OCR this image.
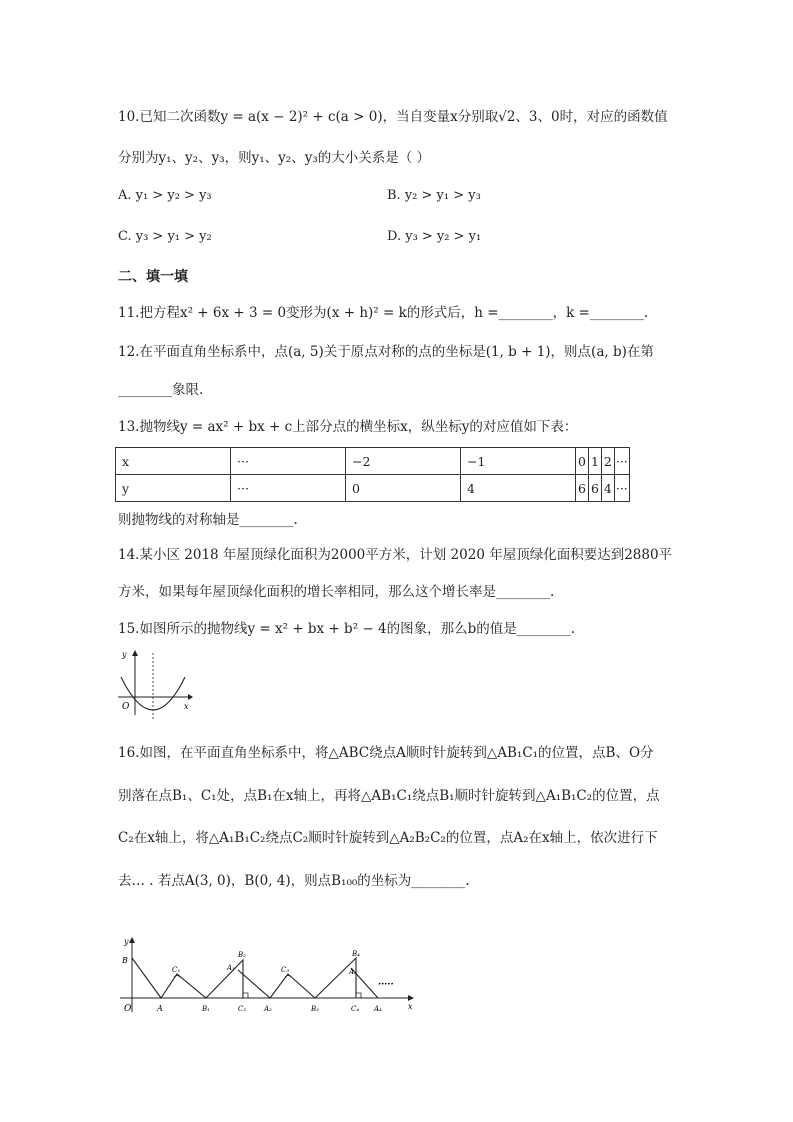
10.已知二次函数y = a(x − 2)² + c(a > 0)，当自变量x分别取√2、3、0时，对应的函数值
分别为y₁、y₂、y₃，则y₁、y₂、y₃的大小关系是（ ）
A. y₁ > y₂ > y₃	B. y₂ > y₁ > y₃
C. y₃ > y₁ > y₂	D. y₃ > y₂ > y₁
二、填一填
11.把方程x² + 6x + 3 = 0变形为(x + h)² = k的形式后，h =________，k =________.
12.在平面直角坐标系中，点(a, 5)关于原点对称的点的坐标是(1, b + 1)，则点(a, b)在第
________象限.
13.抛物线y = ax² + bx + c上部分点的横坐标x，纵坐标y的对应值如下表：
x	···	−2	−1	0	1	2	···
y	···	0	4	6	6	4	···
则抛物线的对称轴是________.
14.某小区 2018 年屋顶绿化面积为2000平方米，计划 2020 年屋顶绿化面积要达到2880平
方米，如果每年屋顶绿化面积的增长率相同，那么这个增长率是________.
15.如图所示的抛物线y = x² + bx + b² − 4的图象，那么b的值是________.
y
x
O
16.如图，在平面直角坐标系中，将△ABC绕点A顺时针旋转到△AB₁C₁的位置，点B、O分
别落在点B₁、C₁处，点B₁在x轴上，再将△AB₁C₁绕点B₁顺时针旋转到△A₁B₁C₂的位置，点
C₂在x轴上，将△A₁B₁C₂绕点C₂顺时针旋转到△A₂B₂C₂的位置，点A₂在x轴上，依次进行下
去… . 若点A(3, 0)，B(0, 4)，则点B₁₀₀的坐标为________.
y
x
O
B
A
C₁
B₁
B₂
A₁
C₂	A₂
C₃
B₃
B₄
A₃
C₄ A₄
·····
